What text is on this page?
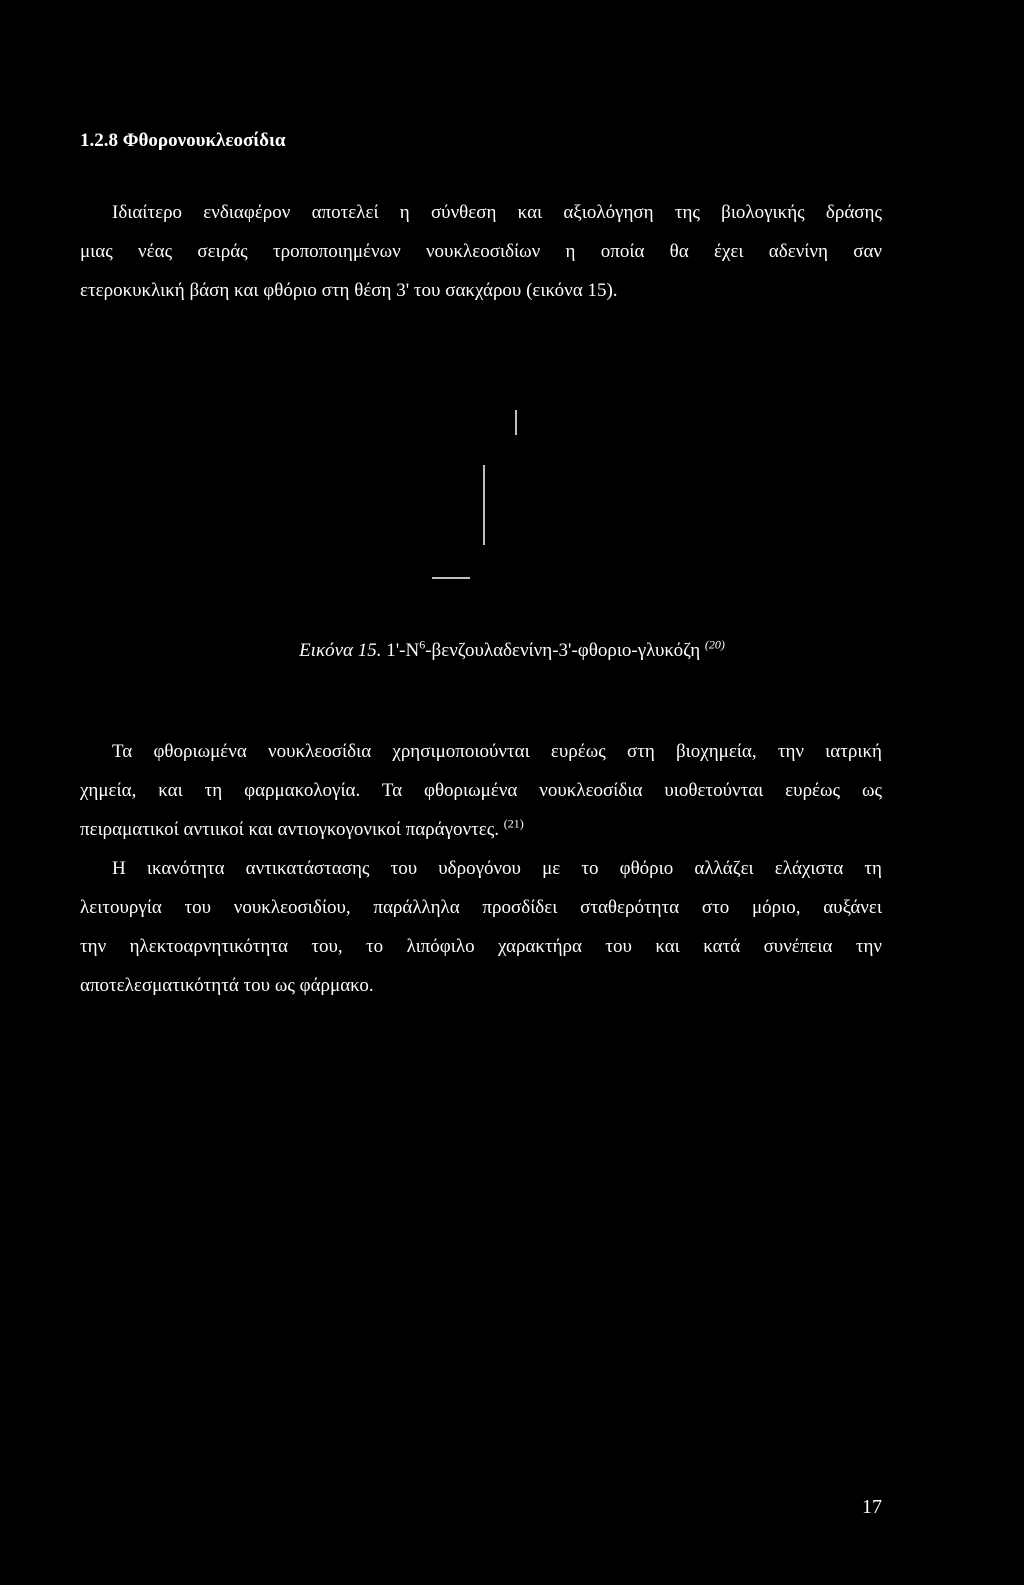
1.2.8 Φθορονουκλεοσίδια
Ιδιαίτερο ενδιαφέρον αποτελεί η σύνθεση και αξιολόγηση της βιολογικής δράσης
μιας νέας σειράς τροποποιημένων νουκλεοσιδίων η οποία θα έχει αδενίνη σαν
ετεροκυκλική βάση και φθόριο στη θέση 3' του σακχάρου (εικόνα 15).
Εικόνα 15. $1'-N^6-\beta\varepsilon\nu\zeta o\upsilon\lambda\alpha\delta\varepsilon\nu ί\nu\eta-3'-\varphi\theta o\rho\iota o$-γλυκόζη $^{(20)}$
Τα φθοριωμένα νουκλεοσίδια χρησιμοποιούνται ευρέως στη βιοχημεία, την ιατρική
χημεία, και τη φαρμακολογία. Τα φθοριωμένα νουκλεοσίδια υιοθετούνται ευρέως ως
πειραματικοί αντιικοί και αντιογκογονικοί παράγοντες. $^{(21)}$
Η ικανότητα αντικατάστασης του υδρογόνου με το φθόριο αλλάζει ελάχιστα τη
λειτουργία του νουκλεοσιδίου, παράλληλα προσδίδει σταθερότητα στο μόριο, αυξάνει
την ηλεκτοαρνητικότητα του, το λιπόφιλο χαρακτήρα του και κατά συνέπεια την
αποτελεσματικότητά του ως φάρμακο.
17
